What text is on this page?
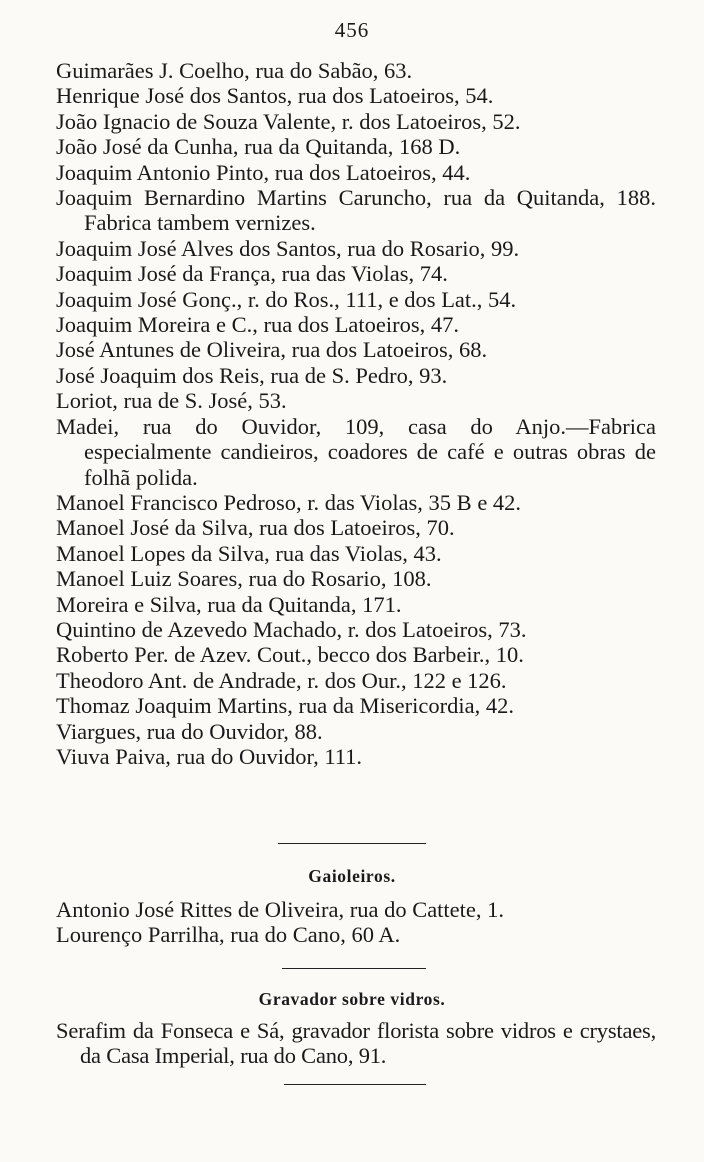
456
Guimarães J. Coelho, rua do Sabão, 63.
Henrique José dos Santos, rua dos Latoeiros, 54.
João Ignacio de Souza Valente, r. dos Latoeiros, 52.
João José da Cunha, rua da Quitanda, 168 D.
Joaquim Antonio Pinto, rua dos Latoeiros, 44.
Joaquim Bernardino Martins Caruncho, rua da Quitanda, 188. Fabrica tambem vernizes.
Joaquim José Alves dos Santos, rua do Rosario, 99.
Joaquim José da França, rua das Violas, 74.
Joaquim José Gonç., r. do Ros., 111, e dos Lat., 54.
Joaquim Moreira e C., rua dos Latoeiros, 47.
José Antunes de Oliveira, rua dos Latoeiros, 68.
José Joaquim dos Reis, rua de S. Pedro, 93.
Loriot, rua de S. José, 53.
Madei, rua do Ouvidor, 109, casa do Anjo.—Fabrica especialmente candieiros, coadores de café e outras obras de folhã polida.
Manoel Francisco Pedroso, r. das Violas, 35 B e 42.
Manoel José da Silva, rua dos Latoeiros, 70.
Manoel Lopes da Silva, rua das Violas, 43.
Manoel Luiz Soares, rua do Rosario, 108.
Moreira e Silva, rua da Quitanda, 171.
Quintino de Azevedo Machado, r. dos Latoeiros, 73.
Roberto Per. de Azev. Cout., becco dos Barbeir., 10.
Theodoro Ant. de Andrade, r. dos Our., 122 e 126.
Thomaz Joaquim Martins, rua da Misericordia, 42.
Viargues, rua do Ouvidor, 88.
Viuva Paiva, rua do Ouvidor, 111.
Gaioleiros.
Antonio José Rittes de Oliveira, rua do Cattete, 1.
Lourenço Parrilha, rua do Cano, 60 A.
Gravador sobre vidros.
Serafim da Fonseca e Sá, gravador florista sobre vidros e crystaes, da Casa Imperial, rua do Cano, 91.
